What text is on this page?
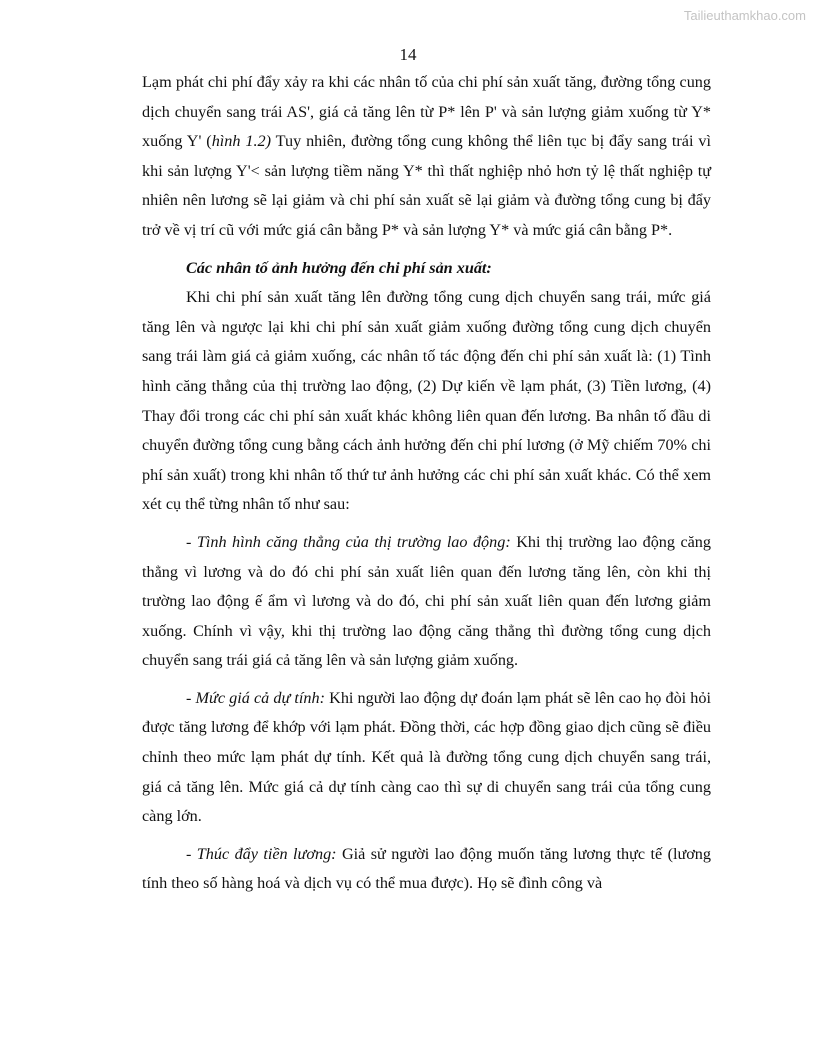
Tailieuthamkhao.com
14

Lạm phát chi phí đẩy xảy ra khi các nhân tố của chi phí sản xuất tăng, đường tổng cung dịch chuyển sang trái AS', giá cả tăng lên từ P* lên P' và sản lượng giảm xuống từ Y* xuống Y' (hình 1.2) Tuy nhiên, đường tổng cung không thể liên tục bị đẩy sang trái vì khi sản lượng Y'< sản lượng tiềm năng Y* thì thất nghiệp nhỏ hơn tỷ lệ thất nghiệp tự nhiên nên lương sẽ lại giảm và chi phí sản xuất sẽ lại giảm và đường tổng cung bị đẩy trở về vị trí cũ với mức giá cân bằng P* và sản lượng Y* và mức giá cân bằng P*.

Các nhân tố ảnh hưởng đến chi phí sản xuất:

Khi chi phí sản xuất tăng lên đường tổng cung dịch chuyển sang trái, mức giá tăng lên và ngược lại khi chi phí sản xuất giảm xuống đường tổng cung dịch chuyển sang trái làm giá cả giảm xuống, các nhân tố tác động đến chi phí sản xuất là: (1) Tình hình căng thẳng của thị trường lao động, (2) Dự kiến về lạm phát, (3) Tiền lương, (4) Thay đổi trong các chi phí sản xuất khác không liên quan đến lương. Ba nhân tố đầu di chuyển đường tổng cung bằng cách ảnh hưởng đến chi phí lương (ở Mỹ chiếm 70% chi phí sản xuất) trong khi nhân tố thứ tư ảnh hưởng các chi phí sản xuất khác. Có thể xem xét cụ thể từng nhân tố như sau:

- Tình hình căng thẳng của thị trường lao động: Khi thị trường lao động căng thẳng vì lương và do đó chi phí sản xuất liên quan đến lương tăng lên, còn khi thị trường lao động ế ẩm vì lương và do đó, chi phí sản xuất liên quan đến lương giảm xuống. Chính vì vậy, khi thị trường lao động căng thẳng thì đường tổng cung dịch chuyển sang trái giá cả tăng lên và sản lượng giảm xuống.

- Mức giá cả dự tính: Khi người lao động dự đoán lạm phát sẽ lên cao họ đòi hỏi được tăng lương để khớp với lạm phát. Đồng thời, các hợp đồng giao dịch cũng sẽ điều chỉnh theo mức lạm phát dự tính. Kết quả là đường tổng cung dịch chuyển sang trái, giá cả tăng lên. Mức giá cả dự tính càng cao thì sự di chuyển sang trái của tổng cung càng lớn.

- Thúc đẩy tiền lương: Giả sử người lao động muốn tăng lương thực tế (lương tính theo số hàng hoá và dịch vụ có thể mua được). Họ sẽ đình công và
